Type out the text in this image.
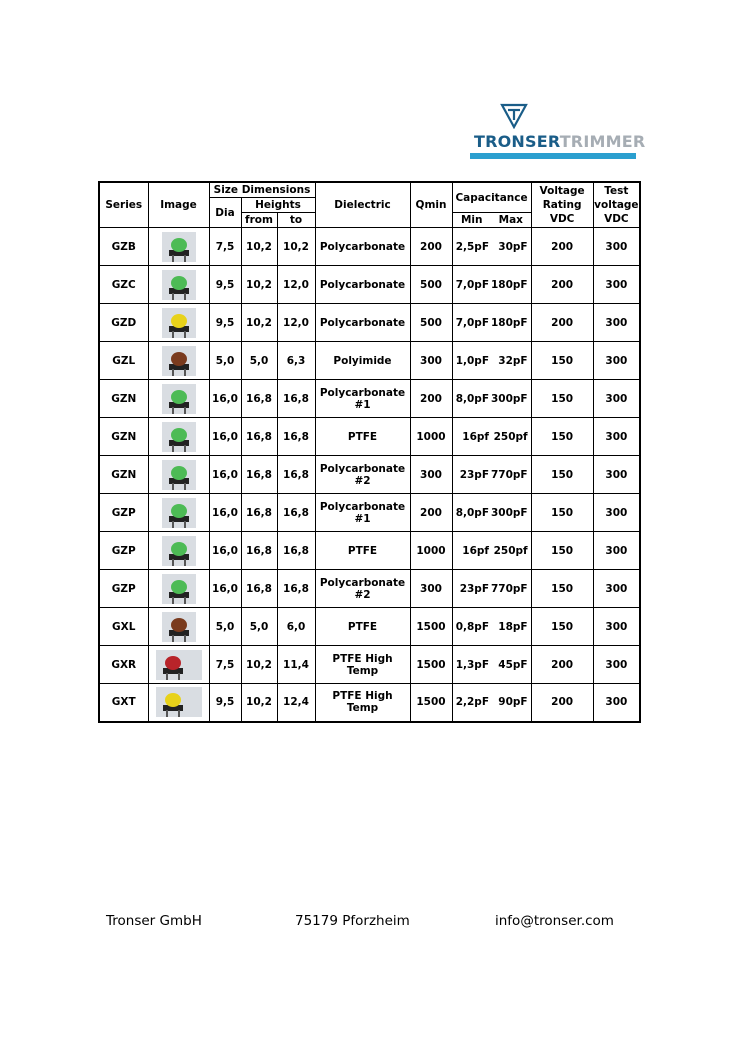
TRONSERTRIMMER
Series	Image	Size Dimensions			Dielectric	Qmin	Capacitance		Voltage Rating VDC	Test voltage VDC
		Dia	Heights							
			from	to			Min	Max		
GZB		7,5	10,2	10,2	Polycarbonate	200	2,5pF	30pF	200	300
GZC		9,5	10,2	12,0	Polycarbonate	500	7,0pF	180pF	200	300
GZD		9,5	10,2	12,0	Polycarbonate	500	7,0pF	180pF	200	300
GZL		5,0	5,0	6,3	Polyimide	300	1,0pF	32pF	150	300
GZN		16,0	16,8	16,8	Polycarbonate #1	200	8,0pF	300pF	150	300
GZN		16,0	16,8	16,8	PTFE	1000	16pf	250pf	150	300
GZN		16,0	16,8	16,8	Polycarbonate #2	300	23pF	770pF	150	300
GZP		16,0	16,8	16,8	Polycarbonate #1	200	8,0pF	300pF	150	300
GZP		16,0	16,8	16,8	PTFE	1000	16pf	250pf	150	300
GZP		16,0	16,8	16,8	Polycarbonate #2	300	23pF	770pF	150	300
GXL		5,0	5,0	6,0	PTFE	1500	0,8pF	18pF	150	300
GXR		7,5	10,2	11,4	PTFE High Temp	1500	1,3pF	45pF	200	300
GXT		9,5	10,2	12,4	PTFE High Temp	1500	2,2pF	90pF	200	300
Tronser GmbH	75179 Pforzheim	info@tronser.com
